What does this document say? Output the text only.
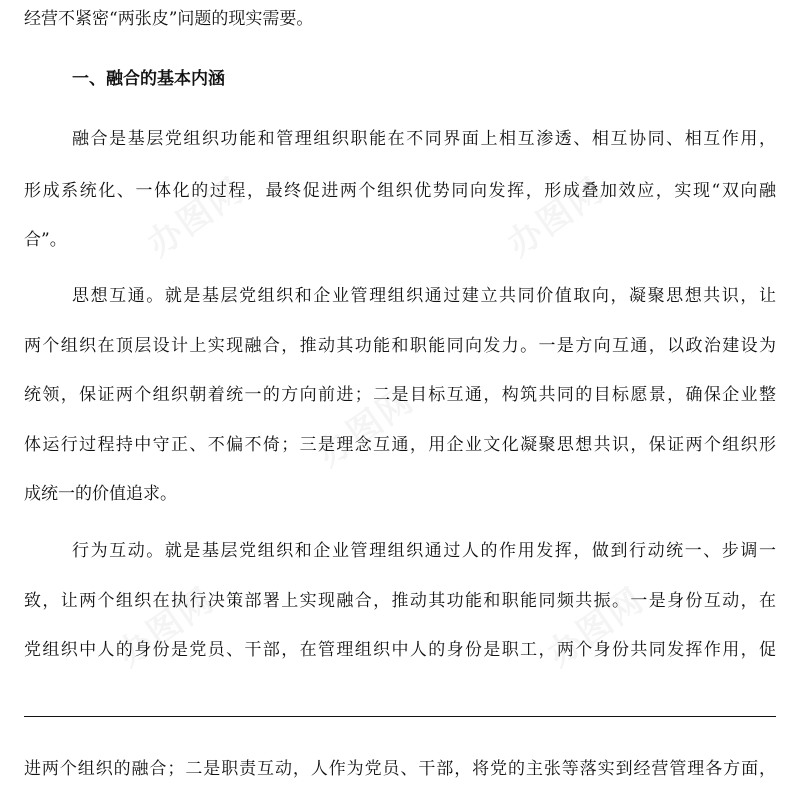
经营不紧密“两张皮”问题的现实需要。
一、融合的基本内涵
融合是基层党组织功能和管理组织职能在不同界面上相互渗透、相互协同、相互作用，
形成系统化、一体化的过程，最终促进两个组织优势同向发挥，形成叠加效应，实现“双向融
合”。
思想互通。就是基层党组织和企业管理组织通过建立共同价值取向，凝聚思想共识，让
两个组织在顶层设计上实现融合，推动其功能和职能同向发力。一是方向互通，以政治建设为
统领，保证两个组织朝着统一的方向前进；二是目标互通，构筑共同的目标愿景，确保企业整
体运行过程持中守正、不偏不倚；三是理念互通，用企业文化凝聚思想共识，保证两个组织形
成统一的价值追求。
行为互动。就是基层党组织和企业管理组织通过人的作用发挥，做到行动统一、步调一
致，让两个组织在执行决策部署上实现融合，推动其功能和职能同频共振。一是身份互动，在
党组织中人的身份是党员、干部，在管理组织中人的身份是职工，两个身份共同发挥作用，促
进两个组织的融合；二是职责互动，人作为党员、干部，将党的主张等落实到经营管理各方面，
办图网	办图网
办图网
办图网	办图网
